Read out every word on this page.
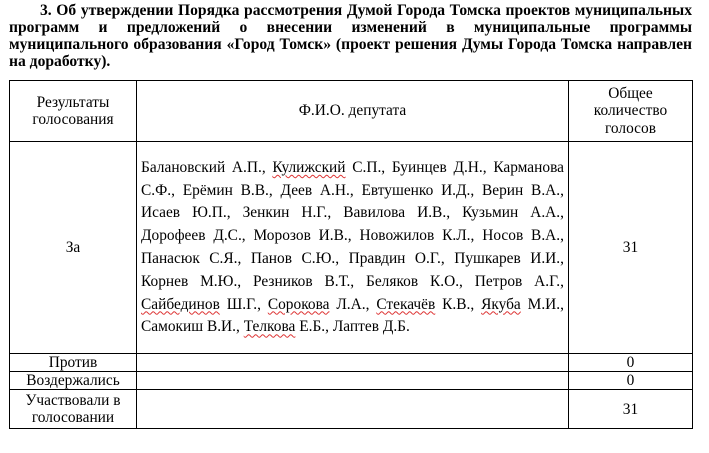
3. Об утверждении Порядка рассмотрения Думой Города Томска проектов муниципальных программ и предложений о внесении изменений в муниципальные программы муниципального образования «Город Томск» (проект решения Думы Города Томска направлен на доработку).

Результаты голосования	Ф.И.О. депутата	Общее количество голосов
За	Балановский А.П., Кулижский С.П., Буинцев Д.Н., Карманова С.Ф., Ерёмин В.В., Деев А.Н., Евтушенко И.Д., Верин В.А., Исаев Ю.П., Зенкин Н.Г., Вавилова И.В., Кузьмин А.А., Дорофеев Д.С., Морозов И.В., Новожилов К.Л., Носов В.А., Панасюк С.Я., Панов С.Ю., Правдин О.Г., Пушкарев И.И., Корнев М.Ю., Резников В.Т., Беляков К.О., Петров А.Г., Сайбединов Ш.Г., Сорокова Л.А., Стекачёв К.В., Якуба М.И., Самокиш В.И., Телкова Е.Б., Лаптев Д.Б.	31
Против		0
Воздержались		0
Участвовали в голосовании		31
